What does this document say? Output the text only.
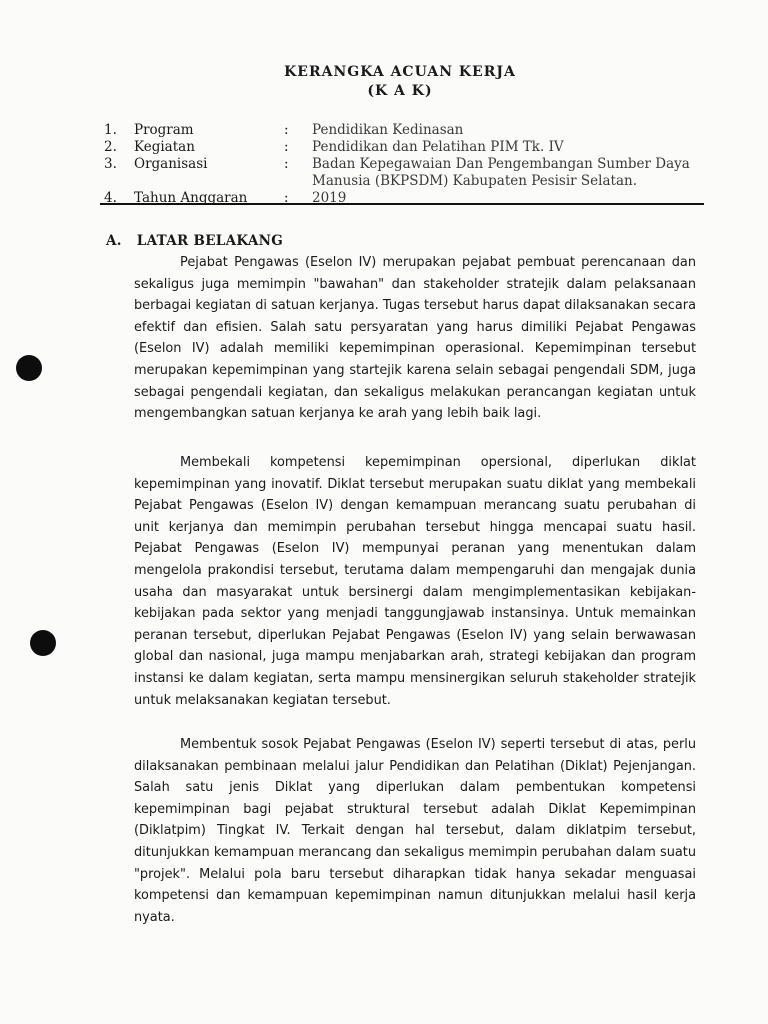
KERANGKA ACUAN KERJA
(K A K)
1.	Program	:	Pendidikan Kedinasan
2.	Kegiatan	:	Pendidikan dan Pelatihan PIM Tk. IV
3.	Organisasi	:	Badan Kepegawaian Dan Pengembangan Sumber Daya Manusia (BKPSDM) Kabupaten Pesisir Selatan.
4.	Tahun Anggaran	:	2019
A.   LATAR BELAKANG

Pejabat Pengawas (Eselon IV) merupakan pejabat pembuat perencanaan dan sekaligus juga memimpin "bawahan" dan stakeholder stratejik dalam pelaksanaan berbagai kegiatan di satuan kerjanya. Tugas tersebut harus dapat dilaksanakan secara efektif dan efisien. Salah satu persyaratan yang harus dimiliki Pejabat Pengawas (Eselon IV) adalah memiliki kepemimpinan operasional. Kepemimpinan tersebut merupakan kepemimpinan yang startejik karena selain sebagai pengendali SDM, juga sebagai pengendali kegiatan, dan sekaligus melakukan perancangan kegiatan untuk mengembangkan satuan kerjanya ke arah yang lebih baik lagi.

Membekali kompetensi kepemimpinan opersional, diperlukan diklat kepemimpinan yang inovatif. Diklat tersebut merupakan suatu diklat yang membekali Pejabat Pengawas (Eselon IV) dengan kemampuan merancang suatu perubahan di unit kerjanya dan memimpin perubahan tersebut hingga mencapai suatu hasil. Pejabat Pengawas (Eselon IV) mempunyai peranan yang menentukan dalam mengelola prakondisi tersebut, terutama dalam mempengaruhi dan mengajak dunia usaha dan masyarakat untuk bersinergi dalam mengimplementasikan kebijakan-kebijakan pada sektor yang menjadi tanggungjawab instansinya. Untuk memainkan peranan tersebut, diperlukan Pejabat Pengawas (Eselon IV) yang selain berwawasan global dan nasional, juga mampu menjabarkan arah, strategi kebijakan dan program instansi ke dalam kegiatan, serta mampu mensinergikan seluruh stakeholder stratejik untuk melaksanakan kegiatan tersebut.

Membentuk sosok Pejabat Pengawas (Eselon IV) seperti tersebut di atas, perlu dilaksanakan pembinaan melalui jalur Pendidikan dan Pelatihan (Diklat) Pejenjangan. Salah satu jenis Diklat yang diperlukan dalam pembentukan kompetensi kepemimpinan bagi pejabat struktural tersebut adalah Diklat Kepemimpinan (Diklatpim) Tingkat IV. Terkait dengan hal tersebut, dalam diklatpim tersebut, ditunjukkan kemampuan merancang dan sekaligus memimpin perubahan dalam suatu "projek". Melalui pola baru tersebut diharapkan tidak hanya sekadar menguasai kompetensi dan kemampuan kepemimpinan namun ditunjukkan melalui hasil kerja nyata.
